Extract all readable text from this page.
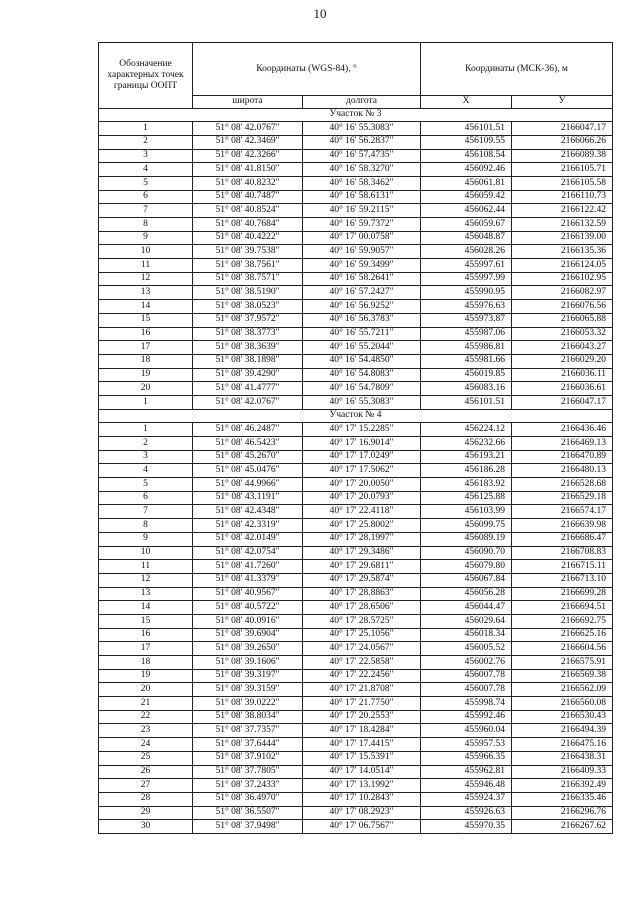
10
Обозначение характерных точек границы ООПТ	Координаты (WGS-84), °		Координаты (МСК-36), м	
	широта	долгота	X	У
Участок № 3				
1	51° 08' 42.0767"	40° 16' 55.3083"	456101.51	2166047.17
2	51° 08' 42.3469"	40° 16' 56.2837"	456109.55	2166066.26
3	51° 08' 42.3266"	40° 16' 57.4735"	456108.54	2166089.38
4	51° 08' 41.8150"	40° 16' 58.3270"	456092.46	2166105.71
5	51° 08' 40.8232"	40° 16' 58.3462"	456061.81	2166105.58
6	51° 08' 40.7487"	40° 16' 58.6131"	456059.42	2166110.73
7	51° 08' 40.8524"	40° 16' 59.2115"	456062.44	2166122.42
8	51° 08' 40.7684"	40° 16' 59.7372"	456059.67	2166132.59
9	51° 08' 40.4222"	40° 17' 00.0758"	456048.87	2166139.00
10	51° 08' 39.7538"	40° 16' 59.9057"	456028.26	2166135.36
11	51° 08' 38.7561"	40° 16' 59.3499"	455997.61	2166124.05
12	51° 08' 38.7571"	40° 16' 58.2641"	455997.99	2166102.95
13	51° 08' 38.5190"	40° 16' 57.2427"	455990.95	2166082.97
14	51° 08' 38.0523"	40° 16' 56.9252"	455976.63	2166076.56
15	51° 08' 37.9572"	40° 16' 56.3783"	455973.87	2166065.88
16	51° 08' 38.3773"	40° 16' 55.7211"	455987.06	2166053.32
17	51° 08' 38.3639"	40° 16' 55.2044"	455986.81	2166043.27
18	51° 08' 38.1898"	40° 16' 54.4850"	455981.66	2166029.20
19	51° 08' 39.4290"	40° 16' 54.8083"	456019.85	2166036.11
20	51° 08' 41.4777"	40° 16' 54.7809"	456083.16	2166036.61
1	51° 08' 42.0767"	40° 16' 55.3083"	456101.51	2166047.17
Участок № 4				
1	51° 08' 46.2487"	40° 17' 15.2285"	456224.12	2166436.46
2	51° 08' 46.5423"	40° 17' 16.9014"	456232.66	2166469.13
3	51° 08' 45.2670"	40° 17' 17.0249"	456193.21	2166470.89
4	51° 08' 45.0476"	40° 17' 17.5062"	456186.28	2166480.13
5	51° 08' 44.9966"	40° 17' 20.0050"	456183.92	2166528.68
6	51° 08' 43.1191"	40° 17' 20.0793"	456125.88	2166529.18
7	51° 08' 42.4348"	40° 17' 22.4118"	456103.99	2166574.17
8	51° 08' 42.3319"	40° 17' 25.8002"	456099.75	2166639.98
9	51° 08' 42.0149"	40° 17' 28.1997"	456089.19	2166686.47
10	51° 08' 42.0754"	40° 17' 29.3486"	456090.70	2166708.83
11	51° 08' 41.7260"	40° 17' 29.6811"	456079.80	2166715.11
12	51° 08' 41.3379"	40° 17' 29.5874"	456067.84	2166713.10
13	51° 08' 40.9567"	40° 17' 28.8863"	456056.28	2166699.28
14	51° 08' 40.5722"	40° 17' 28.6506"	456044.47	2166694.51
15	51° 08' 40.0916"	40° 17' 28.5725"	456029.64	2166692.75
16	51° 08' 39.6904"	40° 17' 25.1056"	456018.34	2166625.16
17	51° 08' 39.2650"	40° 17' 24.0567"	456005.52	2166604.56
18	51° 08' 39.1606"	40° 17' 22.5858"	456002.76	2166575.91
19	51° 08' 39.3197"	40° 17' 22.2456"	456007.78	2166569.38
20	51° 08' 39.3159"	40° 17' 21.8708"	456007.78	2166562.09
21	51° 08' 39.0222"	40° 17' 21.7750"	455998.74	2166560.08
22	51° 08' 38.8034"	40° 17' 20.2553"	455992.46	2166530.43
23	51° 08' 37.7357"	40° 17' 18.4284"	455960.04	2166494.39
24	51° 08' 37.6444"	40° 17' 17.4415"	455957.53	2166475.16
25	51° 08' 37.9102"	40° 17' 15.5391"	455966.35	2166438.31
26	51° 08' 37.7805"	40° 17' 14.0514"	455962.81	2166409.33
27	51° 08' 37.2433"	40° 17' 13.1992"	455946.48	2166392.49
28	51° 08' 36.4970"	40° 17' 10.2843"	455924.37	2166335.46
29	51° 08' 36.5507"	40° 17' 08.2923"	455926.63	2166296.76
30	51° 08' 37.9498"	40° 17' 06.7567"	455970.35	2166267.62
·
